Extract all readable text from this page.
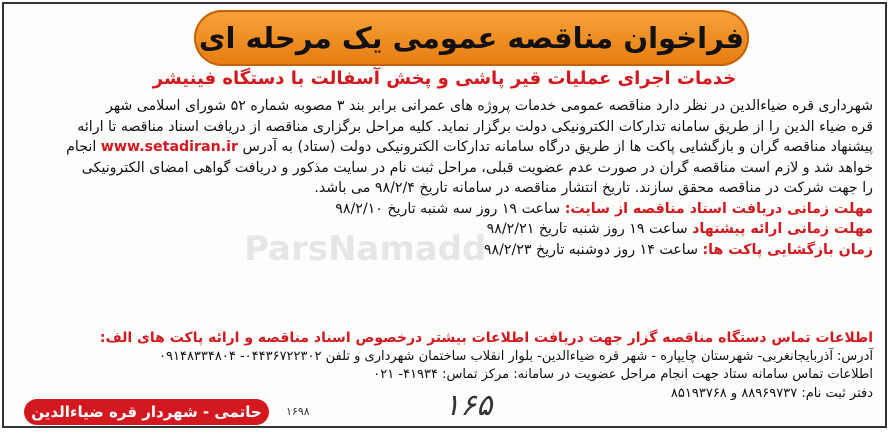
ParsNamadd
فراخوان مناقصه عمومی یک مرحله ای
خدمات اجرای عملیات قیر پاشی و پخش آسفالت با دستگاه فینیشر
شهرداری قره ضیاءالدین در نظر دارد مناقصه عمومی خدمات پروژه های عمرانی برابر بند ۳ مصوبه شماره ۵۲ شورای اسلامی شهر
قره ضیاء الدین را از طریق سامانه تدارکات الکترونیکی دولت برگزار نماید. کلیه مراحل برگزاری مناقصه از دریافت اسناد مناقصه تا ارائه
پیشنهاد مناقصه گران و بازگشایی پاکت ها از طریق درگاه سامانه تدارکات الکترونیکی دولت (ستاد) به آدرس www.setadiran.ir انجام
خواهد شد و لازم است مناقصه گران در صورت عدم عضویت قبلی، مراحل ثبت نام در سایت مذکور و دریافت گواهی امضای الکترونیکی
را جهت شرکت در مناقصه محقق سازند. تاریخ انتشار مناقصه در سامانه تاریخ ۹۸/۲/۴ می باشد.
مهلت زمانی دریافت اسناد مناقصه از سایت: ساعت ۱۹ روز سه شنبه تاریخ ۹۸/۲/۱۰
مهلت زمانی ارائه پیشنهاد ساعت ۱۹ روز شنبه تاریخ ۹۸/۲/۲۱
زمان بازگشایی پاکت ها: ساعت ۱۴ روز دوشنبه تاریخ ۹۸/۲/۲۳
اطلاعات تماس دستگاه مناقصه گزار جهت دریافت اطلاعات بیشتر درخصوص اسناد مناقصه و ارائه پاکت های الف:
آدرس: آذربایجانغربی- شهرستان چایپاره - شهر قره ضیاءالدین- بلوار انقلاب ساختمان شهرداری و تلفن ۰۴۴۳۶۷۲۲۳۰۲- ۰۹۱۴۸۳۳۴۸۰۴
اطلاعات تماس سامانه ستاد جهت انجام مراحل عضویت در سامانه: مرکز تماس: ۴۱۹۳۴- ۰۲۱
دفتر ثبت نام: ۸۸۹۶۹۷۳۷ و ۸۵۱۹۳۷۶۸
۱۶۵
۱۶۹۸
حاتمی - شهردار قره ضیاءالدین
